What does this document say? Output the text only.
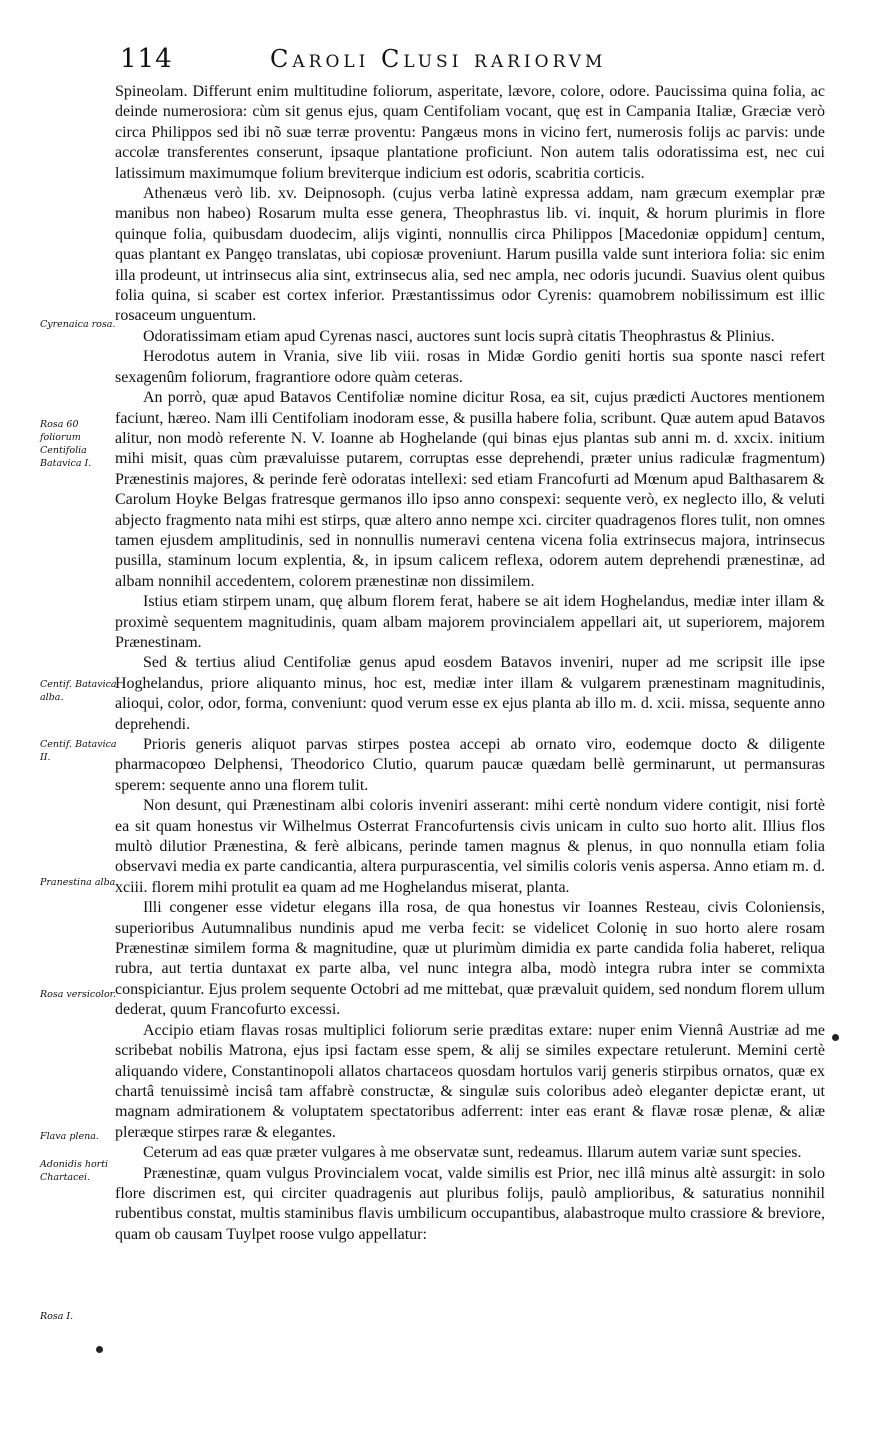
114	Caroli Clusi rariorvm
Cyrenaica rosa.
Rosa 60 foliorum Centifolia Batavica I.
Centif. Batavica alba.
Centif. Batavica II.
Pranestina alba.
Rosa versicolor.
Flava plena.
Adonidis horti Chartacei.
Rosa I.

Spineolam. Differunt enim multitudine foliorum, asperitate, lævore, colore, odore. Paucissima quina folia, ac deinde numerosiora: cùm sit genus ejus, quam Centifoliam vocant, quę est in Campania Italiæ, Græciæ verò circa Philippos sed ibi nõ suæ terræ proventu: Pangæus mons in vicino fert, numerosis folijs ac parvis: unde accolæ transferentes conserunt, ipsaque plantatione proficiunt. Non autem talis odoratissima est, nec cui latissimum maximumque folium breviterque indicium est odoris, scabritia corticis.

Athenæus verò lib. xv. Deipnosoph. (cujus verba latinè expressa addam, nam græcum exemplar præ manibus non habeo) Rosarum multa esse genera, Theophrastus lib. vi. inquit, & horum plurimis in flore quinque folia, quibusdam duodecim, alijs viginti, nonnullis circa Philippos [Macedoniæ oppidum] centum, quas plantant ex Pangęo translatas, ubi copiosæ proveniunt. Harum pusilla valde sunt interiora folia: sic enim illa prodeunt, ut intrinsecus alia sint, extrinsecus alia, sed nec ampla, nec odoris jucundi. Suavius olent quibus folia quina, si scaber est cortex inferior. Præstantissimus odor Cyrenis: quamobrem nobilissimum est illic rosaceum unguentum.

Odoratissimam etiam apud Cyrenas nasci, auctores sunt locis suprà citatis Theophrastus & Plinius.

Herodotus autem in Vrania, sive lib viii. rosas in Midæ Gordio geniti hortis sua sponte nasci refert sexagenûm foliorum, fragrantiore odore quàm ceteras.

An porrò, quæ apud Batavos Centifoliæ nomine dicitur Rosa, ea sit, cujus prædicti Auctores mentionem faciunt, hæreo. Nam illi Centifoliam inodoram esse, & pusilla habere folia, scribunt. Quæ autem apud Batavos alitur, non modò referente N. V. Ioanne ab Hoghelande (qui binas ejus plantas sub anni m. d. xxcix. initium mihi misit, quas cùm prævaluisse putarem, corruptas esse deprehendi, præter unius radiculæ fragmentum) Prænestinis majores, & perinde ferè odoratas intellexi: sed etiam Francofurti ad Mœnum apud Balthasarem & Carolum Hoyke Belgas fratresque germanos illo ipso anno conspexi: sequente verò, ex neglecto illo, & veluti abjecto fragmento nata mihi est stirps, quæ altero anno nempe xci. circiter quadragenos flores tulit, non omnes tamen ejusdem amplitudinis, sed in nonnullis numeravi centena vicena folia extrinsecus majora, intrinsecus pusilla, staminum locum explentia, &, in ipsum calicem reflexa, odorem autem deprehendi prænestinæ, ad albam nonnihil accedentem, colorem prænestinæ non dissimilem.

Istius etiam stirpem unam, quę album florem ferat, habere se ait idem Hoghelandus, mediæ inter illam & proximè sequentem magnitudinis, quam albam majorem provincialem appellari ait, ut superiorem, majorem Prænestinam.

Sed & tertius aliud Centifoliæ genus apud eosdem Batavos inveniri, nuper ad me scripsit ille ipse Hoghelandus, priore aliquanto minus, hoc est, mediæ inter illam & vulgarem prænestinam magnitudinis, alioqui, color, odor, forma, conveniunt: quod verum esse ex ejus planta ab illo m. d. xcii. missa, sequente anno deprehendi.

Prioris generis aliquot parvas stirpes postea accepi ab ornato viro, eodemque docto & diligente pharmacopœo Delphensi, Theodorico Clutio, quarum paucæ quædam bellè germinarunt, ut permansuras sperem: sequente anno una florem tulit.

Non desunt, qui Prænestinam albi coloris inveniri asserant: mihi certè nondum videre contigit, nisi fortè ea sit quam honestus vir Wilhelmus Osterrat Francofurtensis civis unicam in culto suo horto alit. Illius flos multò dilutior Prænestina, & ferè albicans, perinde tamen magnus & plenus, in quo nonnulla etiam folia observavi media ex parte candicantia, altera purpurascentia, vel similis coloris venis aspersa. Anno etiam m. d. xciii. florem mihi protulit ea quam ad me Hoghelandus miserat, planta.

Illi congener esse videtur elegans illa rosa, de qua honestus vir Ioannes Resteau, civis Coloniensis, superioribus Autumnalibus nundinis apud me verba fecit: se videlicet Colonię in suo horto alere rosam Prænestinæ similem forma & magnitudine, quæ ut plurimùm dimidia ex parte candida folia haberet, reliqua rubra, aut tertia duntaxat ex parte alba, vel nunc integra alba, modò integra rubra inter se commixta conspiciantur. Ejus prolem sequente Octobri ad me mittebat, quæ prævaluit quidem, sed nondum florem ullum dederat, quum Francofurto excessi.

Accipio etiam flavas rosas multiplici foliorum serie præditas extare: nuper enim Viennâ Austriæ ad me scribebat nobilis Matrona, ejus ipsi factam esse spem, & alij se similes expectare retulerunt. Memini certè aliquando videre, Constantinopoli allatos chartaceos quosdam hortulos varij generis stirpibus ornatos, quæ ex chartâ tenuissimè incisâ tam affabrè constructæ, & singulæ suis coloribus adeò eleganter depictæ erant, ut magnam admirationem & voluptatem spectatoribus adferrent: inter eas erant & flavæ rosæ plenæ, & aliæ pleræque stirpes raræ & elegantes.

Ceterum ad eas quæ præter vulgares à me observatæ sunt, redeamus. Illarum autem variæ sunt species.

Prænestinæ, quam vulgus Provincialem vocat, valde similis est Prior, nec illâ minus altè assurgit: in solo flore discrimen est, qui circiter quadragenis aut pluribus folijs, paulò amplioribus, & saturatius nonnihil rubentibus constat, multis staminibus flavis umbilicum occupantibus, alabastroque multo crassiore & breviore, quam ob causam Tuylpet roose vulgo appellatur:
